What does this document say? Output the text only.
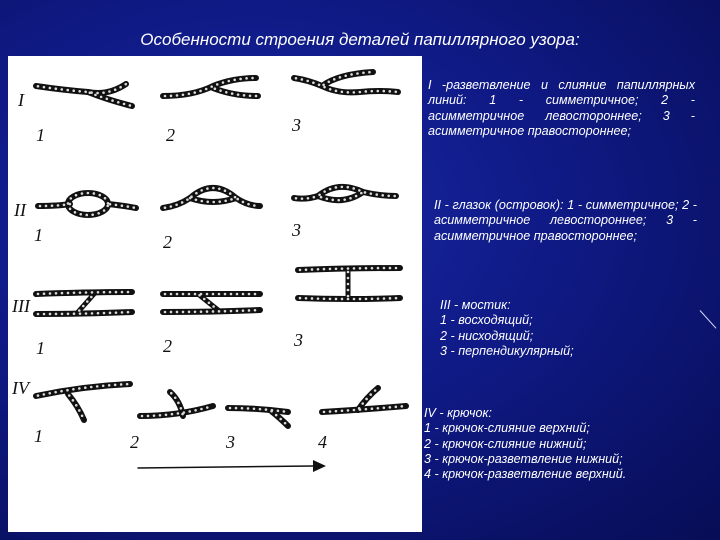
Особенности строения деталей папиллярного узора:
I
II
III
IV
1	2	3
1	2
3
1	2	3
1	2	3	4
I -разветвление и слияние папиллярных линий: 1 - симметричное; 2 - асимметричное левостороннее; 3 - асимметричное правостороннее;
II - глазок (островок): 1 - симметричное; 2 - асимметричное левостороннее; 3 - асимметричное правостороннее;
III - мостик:
1 - восходящий;
2 - нисходящий;
3 - перпендикулярный;
IV - крючок:
1 - крючок-слияние верхний;
2 - крючок-слияние нижний;
3 - крючок-разветвление нижний;
4 - крючок-разветвление верхний.
